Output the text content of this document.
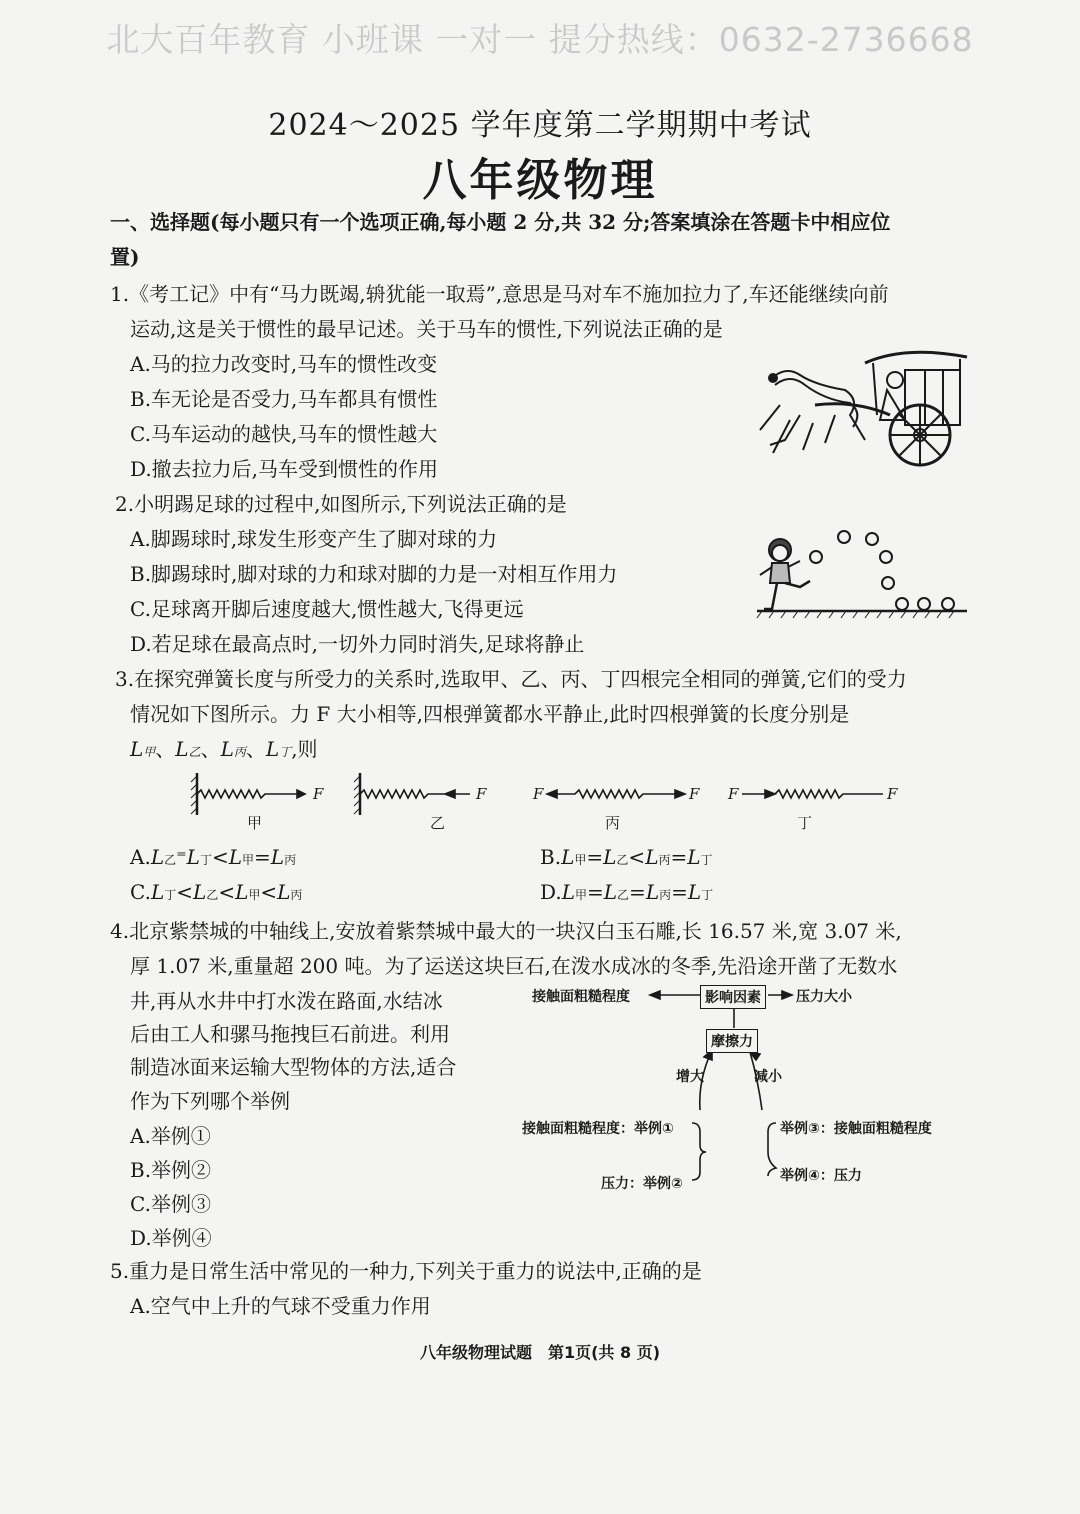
北大百年教育 小班课 一对一 提分热线：0632-2736668
2024～2025 学年度第二学期期中考试
八年级物理
一、选择题(每小题只有一个选项正确,每小题 2 分,共 32 分;答案填涂在答题卡中相应位
置)
1.《考工记》中有“马力既竭,辀犹能一取焉”,意思是马对车不施加拉力了,车还能继续向前
运动,这是关于惯性的最早记述。关于马车的惯性,下列说法正确的是
A.马的拉力改变时,马车的惯性改变
B.车无论是否受力,马车都具有惯性
C.马车运动的越快,马车的惯性越大
D.撤去拉力后,马车受到惯性的作用
2.小明踢足球的过程中,如图所示,下列说法正确的是
A.脚踢球时,球发生形变产生了脚对球的力
B.脚踢球时,脚对球的力和球对脚的力是一对相互作用力
C.足球离开脚后速度越大,惯性越大,飞得更远
D.若足球在最高点时,一切外力同时消失,足球将静止
3.在探究弹簧长度与所受力的关系时,选取甲、乙、丙、丁四根完全相同的弹簧,它们的受力
情况如下图所示。力 F 大小相等,四根弹簧都水平静止,此时四根弹簧的长度分别是
L甲、L乙、L丙、L丁,则
F	F	F	F F	F
甲	乙	丙	丁
A.L乙⁼L丁<L甲=L丙	B.L甲=L乙<L丙=L丁
C.L丁<L乙<L甲<L丙	D.L甲=L乙=L丙=L丁
4.北京紫禁城的中轴线上,安放着紫禁城中最大的一块汉白玉石雕,长 16.57 米,宽 3.07 米,
厚 1.07 米,重量超 200 吨。为了运送这块巨石,在泼水成冰的冬季,先沿途开凿了无数水
井,再从水井中打水泼在路面,水结冰
后由工人和骡马拖拽巨石前进。利用
制造冰面来运输大型物体的方法,适合
作为下列哪个举例
A.举例①
B.举例②
C.举例③
D.举例④
接触面粗糙程度	影响因素	压力大小
摩擦力
增大	减小
接触面粗糙程度：举例①	举例③：接触面粗糙程度
压力：举例②	举例④：压力
5.重力是日常生活中常见的一种力,下列关于重力的说法中,正确的是
A.空气中上升的气球不受重力作用
八年级物理试题　第1页(共 8 页)
